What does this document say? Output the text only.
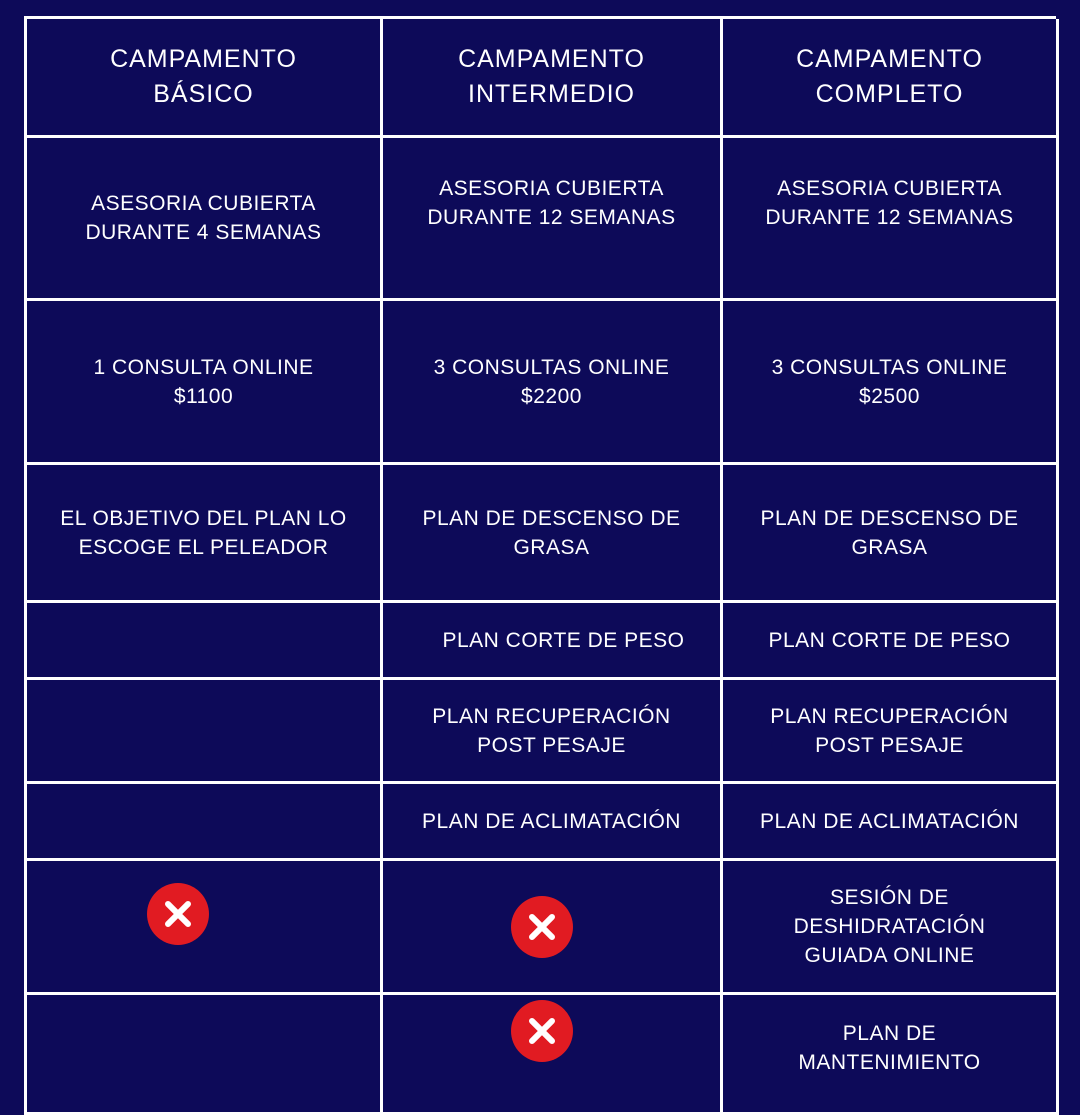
CAMPAMENTO
BÁSICO
CAMPAMENTO
INTERMEDIO
CAMPAMENTO
COMPLETO
ASESORIA CUBIERTA
DURANTE 4 SEMANAS
ASESORIA CUBIERTA
DURANTE 12 SEMANAS
ASESORIA CUBIERTA
DURANTE 12 SEMANAS
1 CONSULTA ONLINE
$1100
3 CONSULTAS ONLINE
$2200
3 CONSULTAS ONLINE
$2500
EL OBJETIVO DEL PLAN LO
ESCOGE EL PELEADOR
PLAN DE DESCENSO DE
GRASA
PLAN DE DESCENSO DE
GRASA
PLAN CORTE DE PESO	PLAN CORTE DE PESO
PLAN RECUPERACIÓN
POST PESAJE
PLAN RECUPERACIÓN
POST PESAJE
PLAN DE ACLIMATACIÓN	PLAN DE ACLIMATACIÓN
SESIÓN DE
DESHIDRATACIÓN
GUIADA ONLINE
PLAN DE
MANTENIMIENTO
